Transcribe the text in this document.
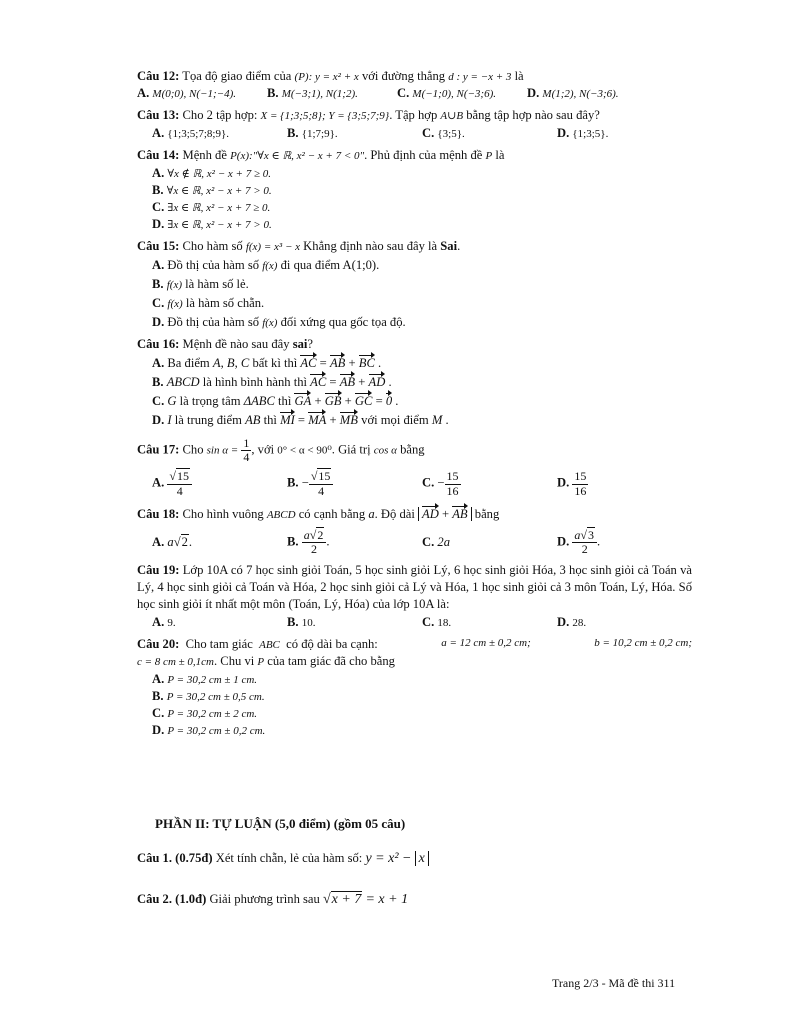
Câu 12: Tọa độ giao điểm của (P): y = x² + x với đường thẳng d : y = −x + 3 là
A. M(0;0), N(−1;−4).	B. M(−3;1), N(1;2).	C. M(−1;0), N(−3;6).	D. M(1;2), N(−3;6).
Câu 13: Cho 2 tập hợp: X = {1;3;5;8}; Y = {3;5;7;9}. Tập hợp A∪B bằng tập hợp nào sau đây?
A. {1;3;5;7;8;9}.	B. {1;7;9}.	C. {3;5}.	D. {1;3;5}.
Câu 14: Mệnh đề P(x):"∀x ∈ ℝ, x² − x + 7 < 0". Phủ định của mệnh đề P là
A. ∀x ∉ ℝ, x² − x + 7 ≥ 0.
B. ∀x ∈ ℝ, x² − x + 7 > 0.
C. ∃x ∈ ℝ, x² − x + 7 ≥ 0.
D. ∃x ∈ ℝ, x² − x + 7 > 0.
Câu 15: Cho hàm số f(x) = x³ − x Khẳng định nào sau đây là Sai.
A. Đồ thị của hàm số f(x) đi qua điểm A(1;0).
B. f(x) là hàm số lẻ.
C. f(x) là hàm số chẵn.
D. Đồ thị của hàm số f(x) đối xứng qua gốc tọa độ.
Câu 16: Mệnh đề nào sau đây sai?
A. Ba điểm A, B, C bất kì thì AC = AB + BC .
B. ABCD là hình bình hành thì AC = AB + AD .
C. G là trọng tâm ΔABC thì GA + GB + GC = 0 .
D. I là trung điểm AB thì MI = MA + MB với mọi điểm M .
Câu 17: Cho $\sin \alpha = \frac{1}{4}$ , với 0° < α < 90⁰. Giá trị cos α bằng
A. $\frac{√15}{4}$	B. − $\frac{√15}{4}$	C. − $\frac{15}{16}$	D. $\frac{15}{16}$
Câu 18: Cho hình vuông ABCD có cạnh bằng a. Độ dài AD + AB bằng
A. a√2.	B. $\frac{a√2}{2}$ .	C. 2a	D. $\frac{a√3}{2}$ .
Câu 19: Lớp 10A có 7 học sinh giỏi Toán, 5 học sinh giỏi Lý, 6 học sinh giỏi Hóa, 3 học sinh giỏi cả Toán và Lý, 4 học sinh giỏi cả Toán và Hóa, 2 học sinh giỏi cả Lý và Hóa, 1 học sinh giỏi cả 3 môn Toán, Lý, Hóa. Số học sinh giỏi ít nhất một môn (Toán, Lý, Hóa) của lớp 10A là:
A. 9.	B. 10.	C. 18.	D. 28.
Câu 20: Cho tam giác ABC có độ dài ba cạnh:	a = 12 cm ± 0,2 cm;	b = 10,2 cm ± 0,2 cm;
c = 8 cm ± 0,1cm. Chu vi P của tam giác đã cho bằng
A. P = 30,2 cm ± 1 cm.
B. P = 30,2 cm ± 0,5 cm.
C. P = 30,2 cm ± 2 cm.
D. P = 30,2 cm ± 0,2 cm.
PHẦN II: TỰ LUẬN (5,0 điểm) (gồm 05 câu)
Câu 1. (0.75đ) Xét tính chẵn, lẻ của hàm số: y = x² − x
Câu 2. (1.0đ) Giải phương trình sau √x + 7 = x + 1
Trang 2/3 - Mã đề thi 311
